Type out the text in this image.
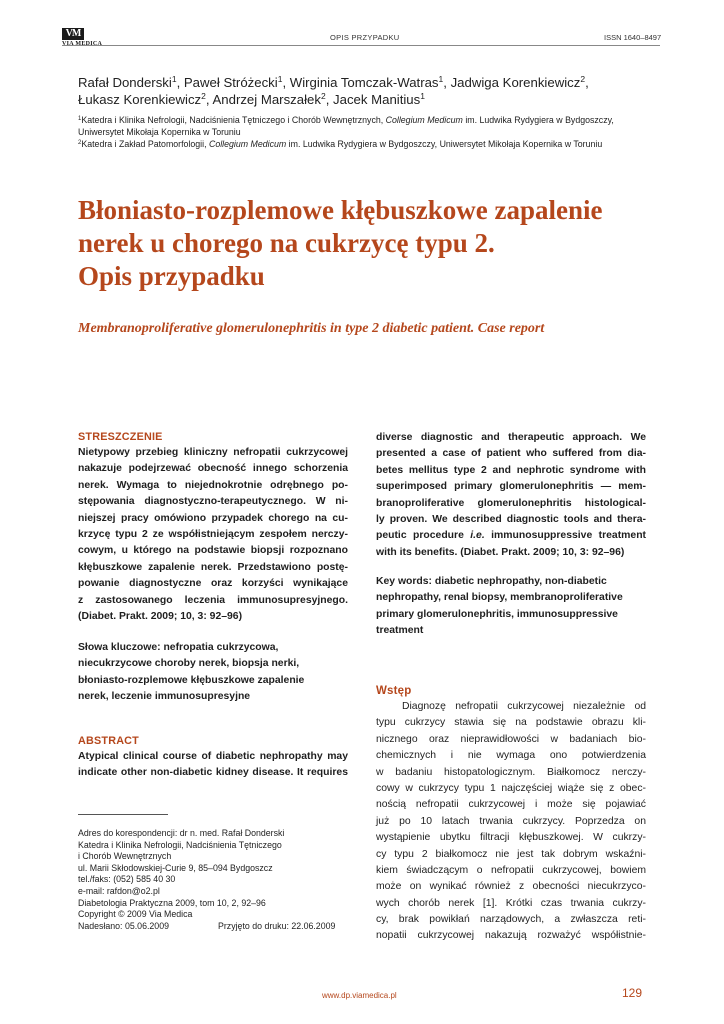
VM
VIA MEDICA
OPIS PRZYPADKU	ISSN 1640–8497
Rafał Donderski$^1$, Paweł Stróżecki$^1$, Wirginia Tomczak-Watras$^1$, Jadwiga Korenkiewicz$^2$,
Łukasz Korenkiewicz$^2$, Andrzej Marszałek$^2$, Jacek Manitius$^1$
$^1$Katedra i Klinika Nefrologii, Nadciśnienia Tętniczego i Chorób Wewnętrznych, Collegium Medicum im. Ludwika Rydygiera w Bydgoszczy,
Uniwersytet Mikołaja Kopernika w Toruniu
$^2$Katedra i Zakład Patomorfologii, Collegium Medicum im. Ludwika Rydygiera w Bydgoszczy, Uniwersytet Mikołaja Kopernika w Toruniu
Błoniasto-rozplemowe kłębuszkowe zapalenie
nerek u chorego na cukrzycę typu 2.
Opis przypadku
Membranoproliferative glomerulonephritis in type 2 diabetic patient. Case report
STRESZCZENIE
Nietypowy przebieg kliniczny nefropatii cukrzycowej
nakazuje podejrzewać obecność innego schorzenia
nerek. Wymaga to niejednokrotnie odrębnego po-
stępowania diagnostyczno-terapeutycznego. W ni-
niejszej pracy omówiono przypadek chorego na cu-
krzycę typu 2 ze współistniejącym zespołem nerczy-
cowym, u którego na podstawie biopsji rozpoznano
kłębuszkowe zapalenie nerek. Przedstawiono postę-
powanie diagnostyczne oraz korzyści wynikające
z zastosowanego leczenia immunosupresyjnego.
(Diabet. Prakt. 2009; 10, 3: 92–96)
Słowa kluczowe: nefropatia cukrzycowa,
niecukrzycowe choroby nerek, biopsja nerki,
błoniasto-rozplemowe kłębuszkowe zapalenie
nerek, leczenie immunosupresyjne
ABSTRACT
Atypical clinical course of diabetic nephropathy may
indicate other non-diabetic kidney disease. It requires
Adres do korespondencji: dr n. med. Rafał Donderski
Katedra i Klinika Nefrologii, Nadciśnienia Tętniczego
i Chorób Wewnętrznych
ul. Marii Skłodowskiej-Curie 9, 85–094 Bydgoszcz
tel./faks: (052) 585 40 30
e-mail: rafdon@o2.pl
Diabetologia Praktyczna 2009, tom 10, 2, 92–96
Copyright © 2009 Via Medica
Nadesłano: 05.06.2009	Przyjęto do druku: 22.06.2009
diverse diagnostic and therapeutic approach. We
presented a case of patient who suffered from dia-
betes mellitus type 2 and nephrotic syndrome with
superimposed primary glomerulonephritis — mem-
branoproliferative glomerulonephritis histological-
ly proven. We described diagnostic tools and thera-
peutic procedure i.e. immunosuppressive treatment
with its benefits. (Diabet. Prakt. 2009; 10, 3: 92–96)
Key words: diabetic nephropathy, non-diabetic
nephropathy, renal biopsy, membranoproliferative
primary glomerulonephritis, immunosuppressive
treatment
Wstęp
Diagnozę nefropatii cukrzycowej niezależnie od
typu cukrzycy stawia się na podstawie obrazu kli-
nicznego oraz nieprawidłowości w badaniach bio-
chemicznych i nie wymaga ono potwierdzenia
w badaniu histopatologicznym. Białkomocz nerczy-
cowy w cukrzycy typu 1 najczęściej wiąże się z obec-
nością nefropatii cukrzycowej i może się pojawiać
już po 10 latach trwania cukrzycy. Poprzedza on
wystąpienie ubytku filtracji kłębuszkowej. W cukrzy-
cy typu 2 białkomocz nie jest tak dobrym wskaźni-
kiem świadczącym o nefropatii cukrzycowej, bowiem
może on wynikać również z obecności niecukrzyco-
wych chorób nerek [1]. Krótki czas trwania cukrzy-
cy, brak powikłań narządowych, a zwłaszcza reti-
nopatii cukrzycowej nakazują rozważyć współistnie-
www.dp.viamedica.pl	129
